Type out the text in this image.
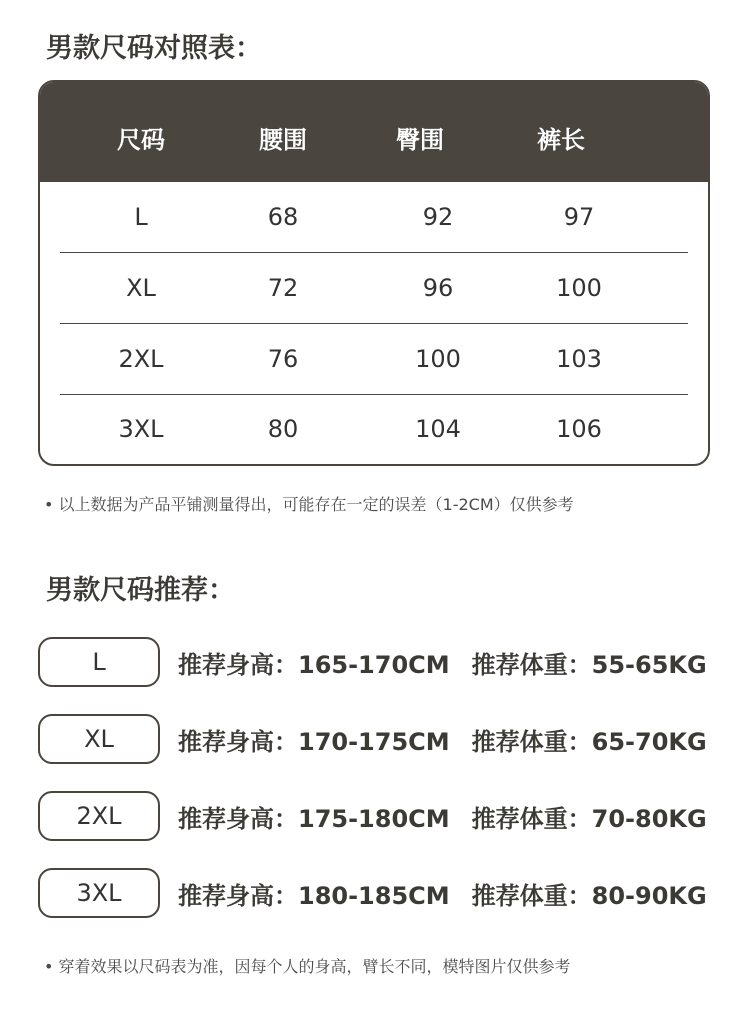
男款尺码对照表：
尺码	腰围	臀围	裤长
L	68	92	97
XL	72	96	100
2XL	76	100	103
3XL	80	104	106

• 以上数据为产品平铺测量得出，可能存在一定的误差（1-2CM）仅供参考

男款尺码推荐：
L	推荐身高：165-170CM 推荐体重：55-65KG
XL	推荐身高：170-175CM 推荐体重：65-70KG
2XL	推荐身高：175-180CM 推荐体重：70-80KG
3XL	推荐身高：180-185CM 推荐体重：80-90KG

• 穿着效果以尺码表为准，因每个人的身高，臂长不同，模特图片仅供参考
